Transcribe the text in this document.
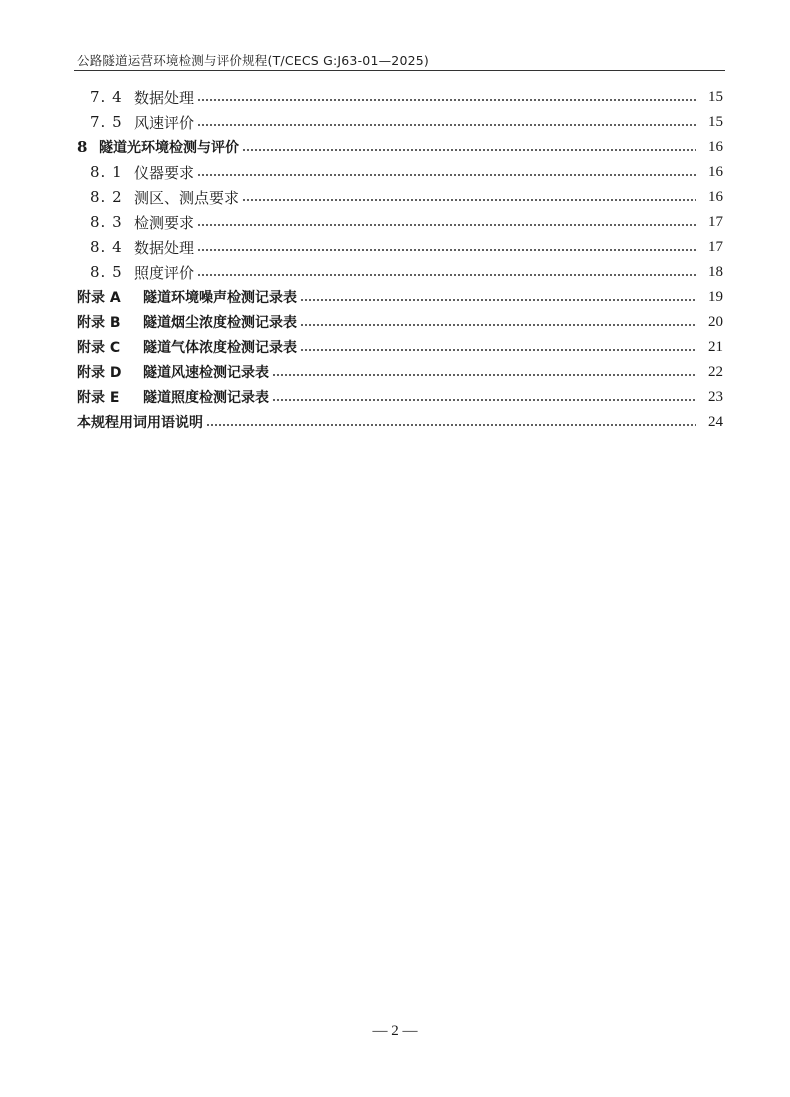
公路隧道运营环境检测与评价规程(T/CECS G:J63-01—2025)
7. 4 数据处理	15
7. 5 风速评价	15
8 隧道光环境检测与评价	16
8. 1 仪器要求	16
8. 2 测区、测点要求	16
8. 3 检测要求	17
8. 4 数据处理	17
8. 5 照度评价	18
附录 A	隧道环境噪声检测记录表	19
附录 B	隧道烟尘浓度检测记录表	20
附录 C	隧道气体浓度检测记录表	21
附录 D	隧道风速检测记录表	22
附录 E	隧道照度检测记录表	23
本规程用词用语说明	24
— 2 —
